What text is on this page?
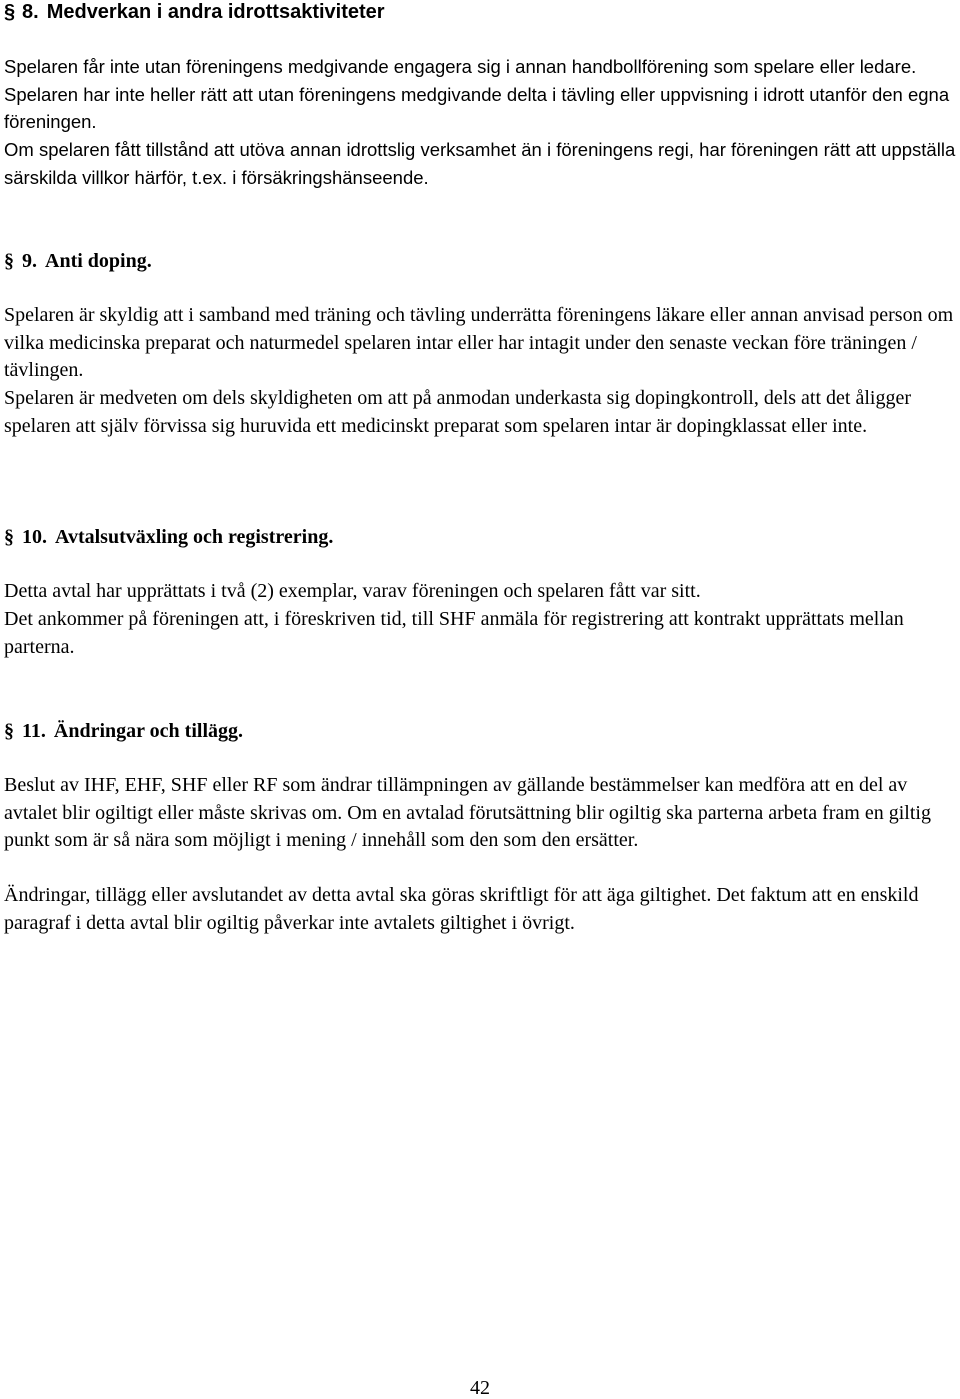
§ 8. Medverkan i andra idrottsaktiviteter
Spelaren får inte utan föreningens medgivande engagera sig i annan handbollförening som spelare eller ledare. Spelaren har inte heller rätt att utan föreningens medgivande delta i tävling eller uppvisning i idrott utanför den egna föreningen.
Om spelaren fått tillstånd att utöva annan idrottslig verksamhet än i föreningens regi, har föreningen rätt att uppställa särskilda villkor härför, t.ex. i försäkringshänseende.
§ 9. Anti doping.
Spelaren är skyldig att i samband med träning och tävling underrätta föreningens läkare eller annan anvisad person om vilka medicinska preparat och naturmedel spelaren intar eller har intagit under den senaste veckan före träningen / tävlingen.
Spelaren är medveten om dels skyldigheten om att på anmodan underkasta sig dopingkontroll, dels att det åligger spelaren att själv förvissa sig huruvida ett medicinskt preparat som spelaren intar är dopingklassat eller inte.
§ 10. Avtalsutväxling och registrering.
Detta avtal har upprättats i två (2) exemplar, varav föreningen och spelaren fått var sitt.
Det ankommer på föreningen att, i föreskriven tid, till SHF anmäla för registrering att kontrakt upprättats mellan parterna.
§ 11. Ändringar och tillägg.
Beslut av IHF, EHF, SHF eller RF som ändrar tillämpningen av gällande bestämmelser kan medföra att en del av avtalet blir ogiltigt eller måste skrivas om. Om en avtalad förutsättning blir ogiltig ska parterna arbeta fram en giltig punkt som är så nära som möjligt i mening / innehåll som den som den ersätter.
Ändringar, tillägg eller avslutandet av detta avtal ska göras skriftligt för att äga giltighet. Det faktum att en enskild paragraf i detta avtal blir ogiltig påverkar inte avtalets giltighet i övrigt.
42
